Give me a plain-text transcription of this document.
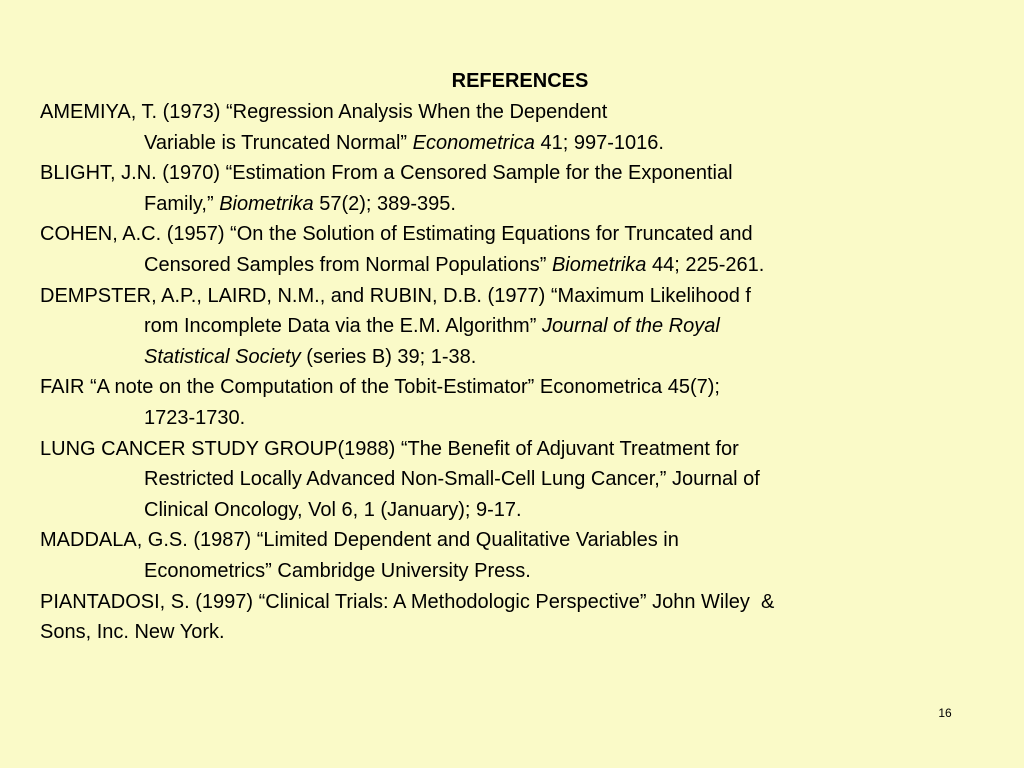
REFERENCES
AMEMIYA, T. (1973) “Regression Analysis When the Dependent
Variable is Truncated Normal” Econometrica 41; 997-1016.
BLIGHT, J.N. (1970) “Estimation From a Censored Sample for the Exponential
Family,” Biometrika 57(2); 389-395.
COHEN, A.C. (1957) “On the Solution of Estimating Equations for Truncated and
Censored Samples from Normal Populations” Biometrika 44; 225-261.
DEMPSTER, A.P., LAIRD, N.M., and RUBIN, D.B. (1977) “Maximum Likelihood f
rom Incomplete Data via the E.M. Algorithm” Journal of the Royal
Statistical Society (series B) 39; 1-38.
FAIR “A note on the Computation of the Tobit-Estimator” Econometrica 45(7);
1723-1730.
LUNG CANCER STUDY GROUP(1988) “The Benefit of Adjuvant Treatment for
Restricted Locally Advanced Non-Small-Cell Lung Cancer,” Journal of
Clinical Oncology, Vol 6, 1 (January); 9-17.
MADDALA, G.S. (1987) “Limited Dependent and Qualitative Variables in
Econometrics” Cambridge University Press.
PIANTADOSI, S. (1997) “Clinical Trials: A Methodologic Perspective” John Wiley  &
Sons, Inc. New York.
16
